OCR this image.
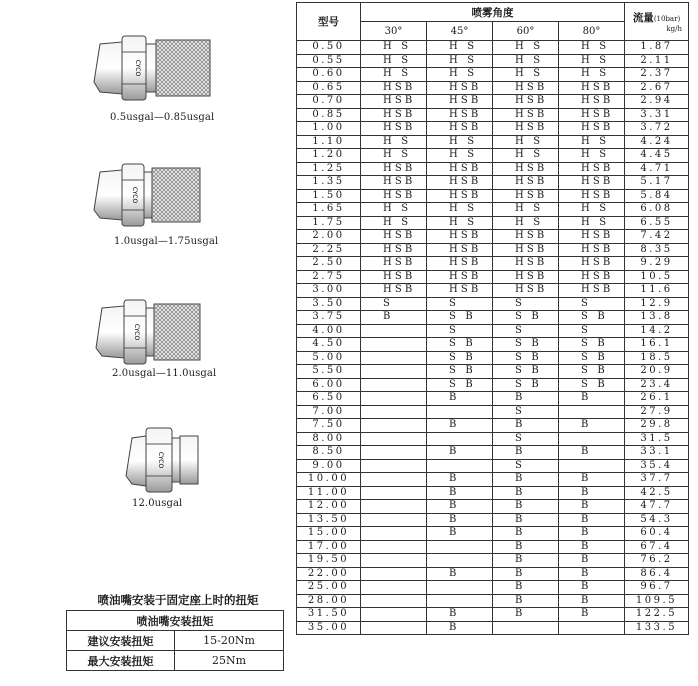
CYCO
0.5usgal—0.85usgal
CYCO
1.0usgal—1.75usgal
CYCO
2.0usgal—11.0usgal
CYCO
12.0usgal
喷油嘴安装于固定座上时的扭矩
喷油嘴安装扭矩	
建议安装扭矩	15-20Nm
最大安装扭矩	25Nm
型号	喷雾角度				流量(10bar)
kg/h

	30°	45°	60°	80°	
0.50	H   S	H   S	H   S	H   S	1.87
0.55	H   S	H   S	H   S	H   S	2.11
0.60	H   S	H   S	H   S	H   S	2.37
0.65	H S B	H S B	H S B	H S B	2.67
0.70	H S B	H S B	H S B	H S B	2.94
0.85	H S B	H S B	H S B	H S B	3.31
1.00	H S B	H S B	H S B	H S B	3.72
1.10	H   S	H   S	H   S	H   S	4.24
1.20	H   S	H   S	H   S	H   S	4.45
1.25	H S B	H S B	H S B	H S B	4.71
1.35	H S B	H S B	H S B	H S B	5.17
1.50	H S B	H S B	H S B	H S B	5.84
1.65	H   S	H   S	H   S	H   S	6.08
1.75	H   S	H   S	H   S	H   S	6.55
2.00	H S B	H S B	H S B	H S B	7.42
2.25	H S B	H S B	H S B	H S B	8.35
2.50	H S B	H S B	H S B	H S B	9.29
2.75	H S B	H S B	H S B	H S B	10.5
3.00	H S B	H S B	H S B	H S B	11.6
3.50	S	S	S	S	12.9
3.75	B	S   B	S   B	S   B	13.8
4.00		S	S	S	14.2
4.50		S   B	S   B	S   B	16.1
5.00		S   B	S   B	S   B	18.5
5.50		S   B	S   B	S   B	20.9
6.00		S   B	S   B	S   B	23.4
6.50		B	B	B	26.1
7.00			S		27.9
7.50		B	B	B	29.8
8.00			S		31.5
8.50		B	B	B	33.1
9.00			S		35.4
10.00		B	B	B	37.7
11.00		B	B	B	42.5
12.00		B	B	B	47.7
13.50		B	B	B	54.3
15.00		B	B	B	60.4
17.00			B	B	67.4
19.50			B	B	76.2
22.00		B	B	B	86.4
25.00			B	B	96.7
28.00			B	B	109.5
31.50		B	B	B	122.5
35.00		B			133.5
